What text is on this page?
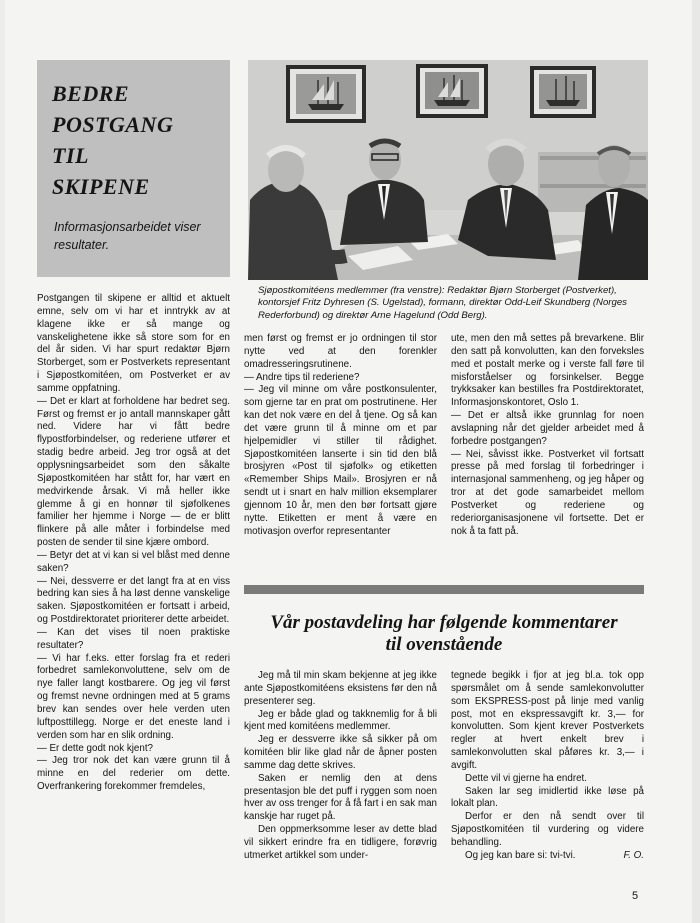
BEDRE
POSTGANG
TIL
SKIPENE
Informasjonsarbeidet viser resultater.
Sjøpostkomitéens medlemmer (fra venstre): Redaktør Bjørn Storberget (Postverket), kontorsjef Fritz Dyhresen (S. Ugelstad), formann, direktør Odd-Leif Skundberg (Norges Rederforbund) og direktør Arne Hagelund (Odd Berg).

Postgangen til skipene er alltid et aktuelt emne, selv om vi har et inntrykk av at klagene ikke er så mange og vanskelighetene ikke så store som for en del år siden. Vi har spurt redaktør Bjørn Storberget, som er Postverkets representant i Sjøpostkomitéen, om Postverket er av samme oppfatning.

— Det er klart at forholdene har bedret seg. Først og fremst er jo antall mannskaper gått ned. Videre har vi fått bedre flypostforbindelser, og rederiene utfører et stadig bedre arbeid. Jeg tror også at det opplysningsarbeidet som den såkalte Sjøpostkomitéen har stått for, har vært en medvirkende årsak. Vi må heller ikke glemme å gi en honnør til sjøfolkenes familier her hjemme i Norge — de er blitt flinkere på alle måter i forbindelse med posten de sender til sine kjære ombord.

— Betyr det at vi kan si vel blåst med denne saken?

— Nei, dessverre er det langt fra at en viss bedring kan sies å ha løst denne vanskelige saken. Sjøpostkomitéen er fortsatt i arbeid, og Postdirektoratet prioriterer dette arbeidet.

— Kan det vises til noen praktiske resultater?

— Vi har f.eks. etter forslag fra et rederi forbedret samlekonvoluttene, selv om de nye faller langt kostbarere. Og jeg vil først og fremst nevne ordningen med at 5 grams brev kan sendes over hele verden uten luftposttillegg. Norge er det eneste land i verden som har en slik ordning.

— Er dette godt nok kjent?

— Jeg tror nok det kan være grunn til å minne en del rederier om dette. Overfrankering forekommer fremdeles,

men først og fremst er jo ordningen til stor nytte ved at den forenkler omadresseringsrutinene.

— Andre tips til rederiene?

— Jeg vil minne om våre postkonsulenter, som gjerne tar en prat om postrutinene. Her kan det nok være en del å tjene. Og så kan det være grunn til å minne om et par hjelpemidler vi stiller til rådighet. Sjøpostkomitéen lanserte i sin tid den blå brosjyren «Post til sjøfolk» og etiketten «Remember Ships Mail». Brosjyren er nå sendt ut i snart en halv million eksemplarer gjennom 10 år, men den bør fortsatt gjøre nytte. Etiketten er ment å være en motivasjon overfor representanter

ute, men den må settes på brevarkene. Blir den satt på konvolutten, kan den forveksles med et postalt merke og i verste fall føre til misforståelser og forsinkelser. Begge trykksaker kan bestilles fra Postdirektoratet, Informasjonskontoret, Oslo 1.

— Det er altså ikke grunnlag for noen avslapning når det gjelder arbeidet med å forbedre postgangen?

— Nei, såvisst ikke. Postverket vil fortsatt presse på med forslag til forbedringer i internasjonal sammenheng, og jeg håper og tror at det gode samarbeidet mellom Postverket og rederiene og rederiorganisasjonene vil fortsette. Det er nok å ta fatt på.

Vår postavdeling har følgende kommentarer
til ovenstående

Jeg må til min skam bekjenne at jeg ikke ante Sjøpostkomitéens eksistens før den nå presenterer seg.

Jeg er både glad og takknemlig for å bli kjent med komitéens medlemmer.

Jeg er dessverre ikke så sikker på om komitéen blir like glad når de åpner posten samme dag dette skrives.

Saken er nemlig den at dens presentasjon ble det puff i ryggen som noen hver av oss trenger for å få fart i en sak man kanskje har ruget på.

Den oppmerksomme leser av dette blad vil sikkert erindre fra en tidligere, forøvrig utmerket artikkel som under-

tegnede begikk i fjor at jeg bl.a. tok opp spørsmålet om å sende samlekonvolutter som EKSPRESS-post på linje med vanlig post, mot en ekspressavgift kr. 3,— for konvolutten. Som kjent krever Postverkets regler at hvert enkelt brev i samlekonvolutten skal påføres kr. 3,— i avgift.

Dette vil vi gjerne ha endret.

Saken lar seg imidlertid ikke løse på lokalt plan.

Derfor er den nå sendt over til Sjøpostkomitéen til vurdering og videre behandling.

Og jeg kan bare si: tvi-tvi.	F. O.

5
